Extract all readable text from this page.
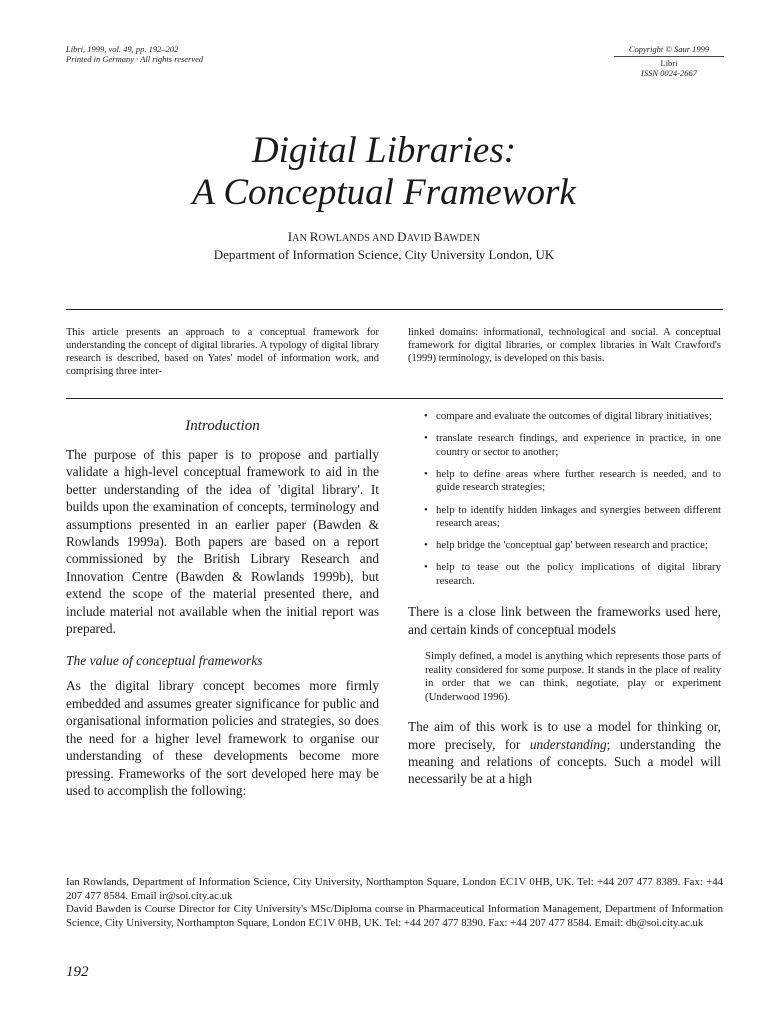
Libri, 1999, vol. 49, pp. 192–202
Printed in Germany · All rights reserved
Copyright © Saur 1999
Libri
ISSN 0024-2667
Digital Libraries:
A Conceptual Framework
IAN ROWLANDS AND DAVID BAWDEN
Department of Information Science, City University London, UK
This article presents an approach to a conceptual framework for understanding the concept of digital libraries. A typology of digital library research is described, based on Yates' model of information work, and comprising three inter-
linked domains: informational, technological and social. A conceptual framework for digital libraries, or complex libraries in Walt Crawford's (1999) terminology, is developed on this basis.
Introduction

The purpose of this paper is to propose and partially validate a high-level conceptual framework to aid in the better understanding of the idea of 'digital library'. It builds upon the examination of concepts, terminology and assumptions presented in an earlier paper (Bawden & Rowlands 1999a). Both papers are based on a report commissioned by the British Library Research and Innovation Centre (Bawden & Rowlands 1999b), but extend the scope of the material presented there, and include material not available when the initial report was prepared.

The value of conceptual frameworks

As the digital library concept becomes more firmly embedded and assumes greater significance for public and organisational information policies and strategies, so does the need for a higher level framework to organise our understanding of these developments become more pressing. Frameworks of the sort developed here may be used to accomplish the following:

• compare and evaluate the outcomes of digital library initiatives;
• translate research findings, and experience in practice, in one country or sector to another;
• help to define areas where further research is needed, and to guide research strategies;
• help to identify hidden linkages and synergies between different research areas;
• help bridge the 'conceptual gap' between research and practice;
• help to tease out the policy implications of digital library research.

There is a close link between the frameworks used here, and certain kinds of conceptual models

Simply defined, a model is anything which represents those parts of reality considered for some purpose. It stands in the place of reality in order that we can think, negotiate, play or experiment (Underwood 1996).

The aim of this work is to use a model for thinking or, more precisely, for understanding; understanding the meaning and relations of concepts. Such a model will necessarily be at a high

Ian Rowlands, Department of Information Science, City University, Northampton Square, London EC1V 0HB, UK. Tel: +44 207 477 8389. Fax: +44 207 477 8584. Email ir@soi.city.ac.uk

David Bawden is Course Director for City University's MSc/Diploma course in Pharmaceutical Information Management, Department of Information Science, City University, Northampton Square, London EC1V 0HB, UK. Tel: +44 207 477 8390. Fax: +44 207 477 8584. Email: db@soi.city.ac.uk

192
